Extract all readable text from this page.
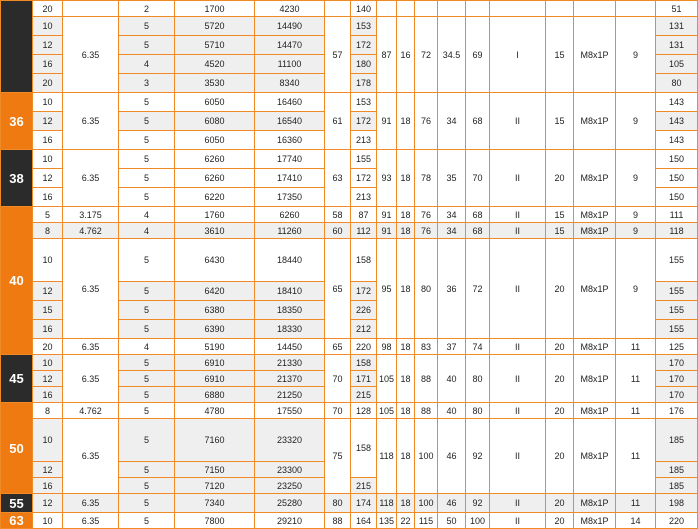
	20		2	1700	4230		140										51
	10	6.35	5	5720	14490	57	153	87	16	72	34.5	69	I	15	M8x1P	9	131
	12		5	5710	14470		172										131
	16		4	4520	11100		180										105
	20		3	3530	8340		178										80
36	10	6.35	5	6050	16460	61	153	91	18	76	34	68	II	15	M8x1P	9	143
	12		5	6080	16540		172										143
	16		5	6050	16360		213										143
38	10	6.35	5	6260	17740	63	155	93	18	78	35	70	II	20	M8x1P	9	150
	12		5	6260	17410		172										150
	16		5	6220	17350		213										150
40	5	3.175	4	1760	6260	58	87	91	18	76	34	68	II	15	M8x1P	9	111
	8	4.762	4	3610	11260	60	112	91	18	76	34	68	II	15	M8x1P	9	118
	10	6.35	5	6430	18440	65	158	95	18	80	36	72	II	20	M8x1P	9	155
	12		5	6420	18410		172										155
	15		5	6380	18350		226										155
	16		5	6390	18330		212										155
	20	6.35	4	5190	14450	65	220	98	18	83	37	74	II	20	M8x1P	11	125
45	10	6.35	5	6910	21330	70	158	105	18	88	40	80	II	20	M8x1P	11	170
	12		5	6910	21370		171										170
	16		5	6880	21250		215										170
50	8	4.762	5	4780	17550	70	128	105	18	88	40	80	II	20	M8x1P	11	176
	10	6.35	5	7160	23320	75	158	118	18	100	46	92	II	20	M8x1P	11	185
	12		5	7150	23300												185
	16		5	7120	23250		215										185
55	12	6.35	5	7340	25280	80	174	118	18	100	46	92	II	20	M8x1P	11	198
63	10	6.35	5	7800	29210	88	164	135	22	115	50	100	II	20	M8x1P	14	220
